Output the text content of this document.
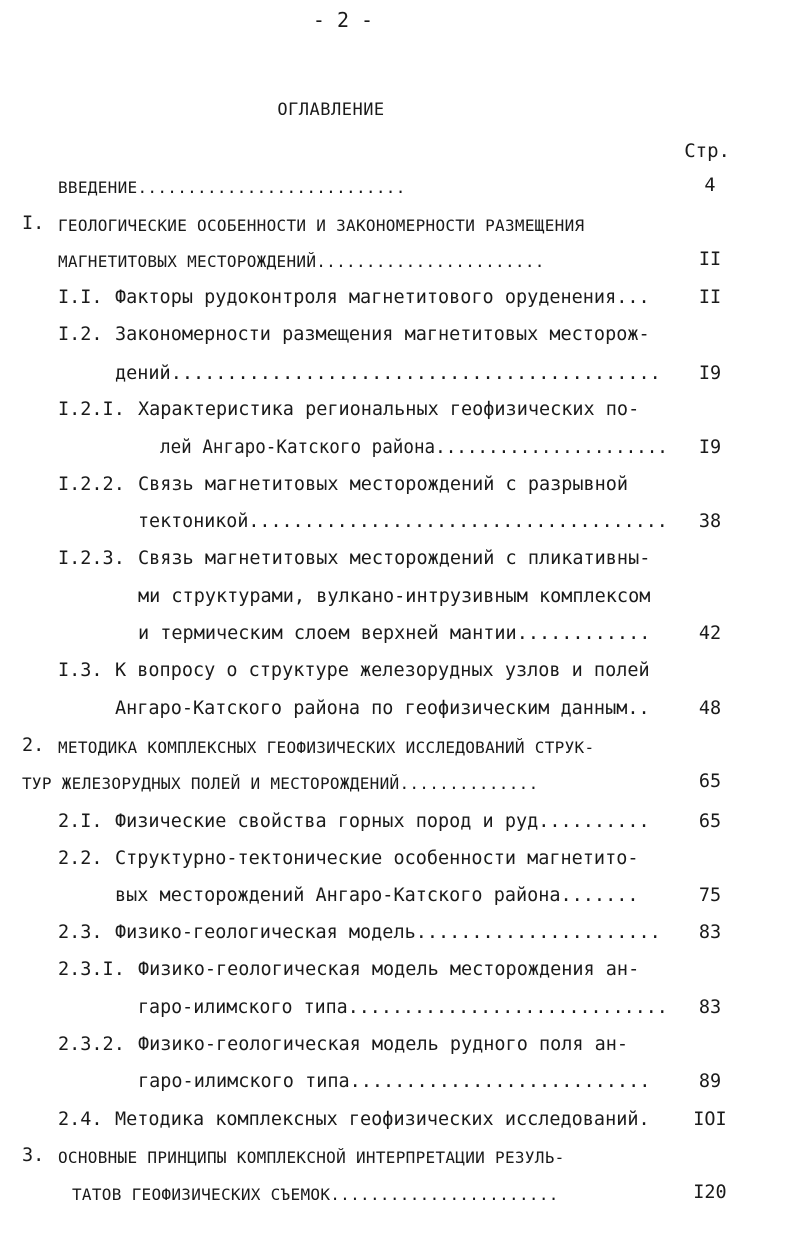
- 2 -
ОГЛАВЛЕНИЕ
Стр.
ВВЕДЕНИЕ...........................	4
I. ГЕОЛОГИЧЕСКИЕ ОСОБЕННОСТИ И ЗАКОНОМЕРНОСТИ РАЗМЕЩЕНИЯ
МАГНЕТИТОВЫХ МЕСТОРОЖДЕНИЙ.......................	II
I.I. Факторы рудоконтроля магнетитового оруденения...	II
I.2. Закономерности размещения магнетитовых месторож-
дений............................................	I9
I.2.I. Характеристика региональных геофизических по-
лей Ангаро-Катского района......................	I9
I.2.2. Связь магнетитовых месторождений с разрывной
тектоникой......................................	38
I.2.3. Связь магнетитовых месторождений с пликативны-
ми структурами, вулкано-интрузивным комплексом
и термическим слоем верхней мантии............	42
I.3. К вопросу о структуре железорудных узлов и полей
Ангаро-Катского района по геофизическим данным..	48
2. МЕТОДИКА КОМПЛЕКСНЫХ ГЕОФИЗИЧЕСКИХ ИССЛЕДОВАНИЙ СТРУК-
ТУР ЖЕЛЕЗОРУДНЫХ ПОЛЕЙ И МЕСТОРОЖДЕНИЙ..............	65
2.I. Физические свойства горных пород и руд..........	65
2.2. Структурно-тектонические особенности магнетито-
вых месторождений Ангаро-Катского района.......	75
2.3. Физико-геологическая модель......................	83
2.3.I. Физико-геологическая модель месторождения ан-
гаро-илимского типа.............................	83
2.3.2. Физико-геологическая модель рудного поля ан-
гаро-илимского типа...........................	89
2.4. Методика комплексных геофизических исследований.	IOI
3. ОСНОВНЫЕ ПРИНЦИПЫ КОМПЛЕКСНОЙ ИНТЕРПРЕТАЦИИ РЕЗУЛЬ-
ТАТОВ ГЕОФИЗИЧЕСКИХ СЪЕМОК.......................	I20
